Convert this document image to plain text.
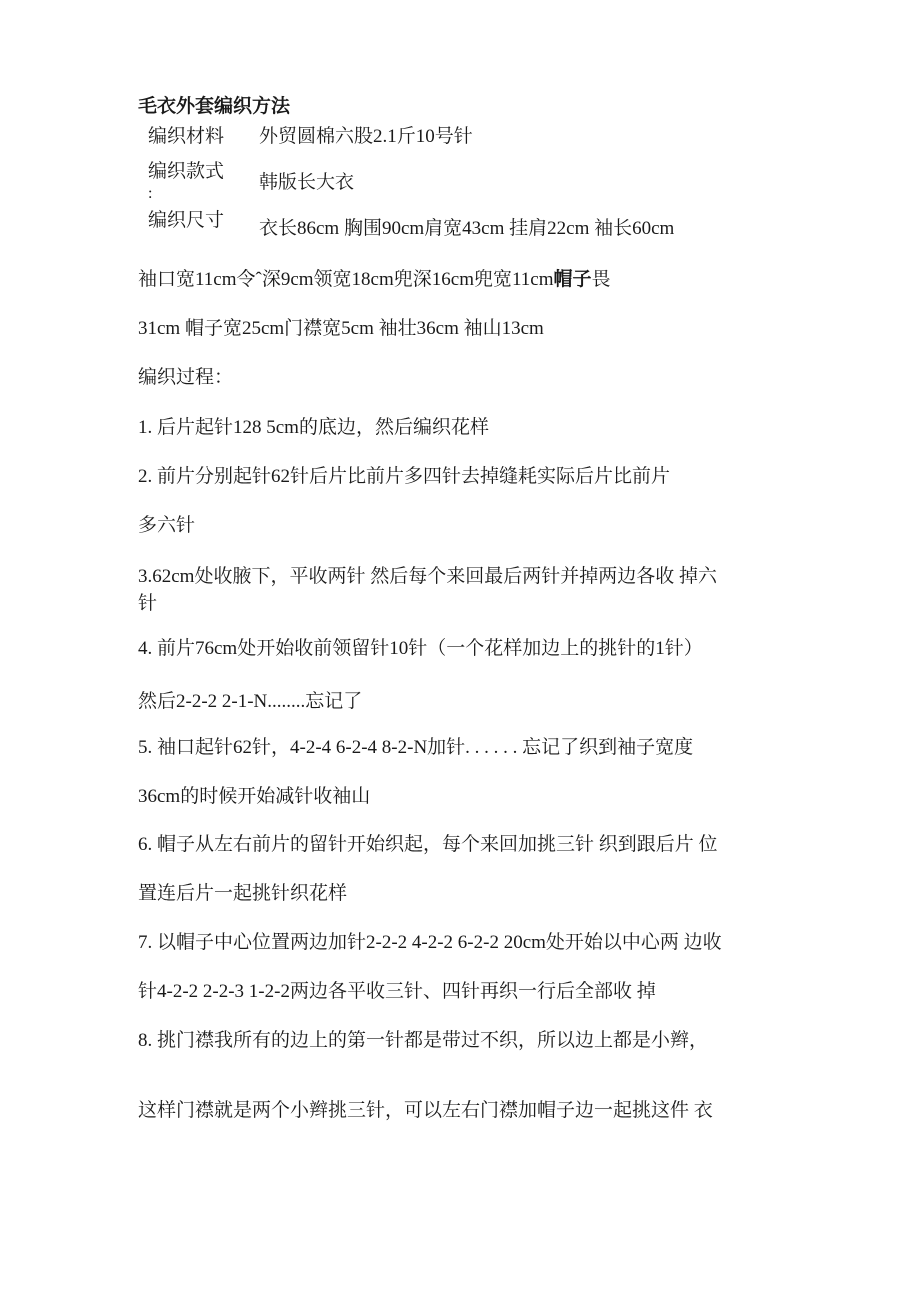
毛衣外套编织方法
编织材料 外贸圆棉六股2.1斤10号针
编织款式
韩版长大衣
:
编织尺寸 衣长86cm 胸围90cm肩宽43cm 挂肩22cm 袖长60cm
袖口宽11cm令ˆ深9cm领宽18cm兜深16cm兜宽11cm帽子畏
31cm 帽子宽25cm门襟宽5cm 袖壮36cm 袖山13cm
编织过程：
1. 后片起针128 5cm的底边，然后编织花样
2. 前片分别起针62针后片比前片多四针去掉缝耗实际后片比前片
多六针
3.62cm处收腋下，平收两针 然后每个来回最后两针并掉两边各收 掉六
针
4. 前片76cm处开始收前领留针10针（一个花样加边上的挑针的1针）
然后2-2-2 2-1-N........忘记了
5. 袖口起针62针，4-2-4 6-2-4 8-2-N加针. . . . . . 忘记了织到袖子宽度
36cm的时候开始减针收袖山
6. 帽子从左右前片的留针开始织起，每个来回加挑三针 织到跟后片 位
置连后片一起挑针织花样
7. 以帽子中心位置两边加针2-2-2 4-2-2 6-2-2 20cm处开始以中心两 边收
针4-2-2 2-2-3 1-2-2两边各平收三针、四针再织一行后全部收 掉
8. 挑门襟我所有的边上的第一针都是带过不织，所以边上都是小辫，
这样门襟就是两个小辫挑三针，可以左右门襟加帽子边一起挑这件 衣
